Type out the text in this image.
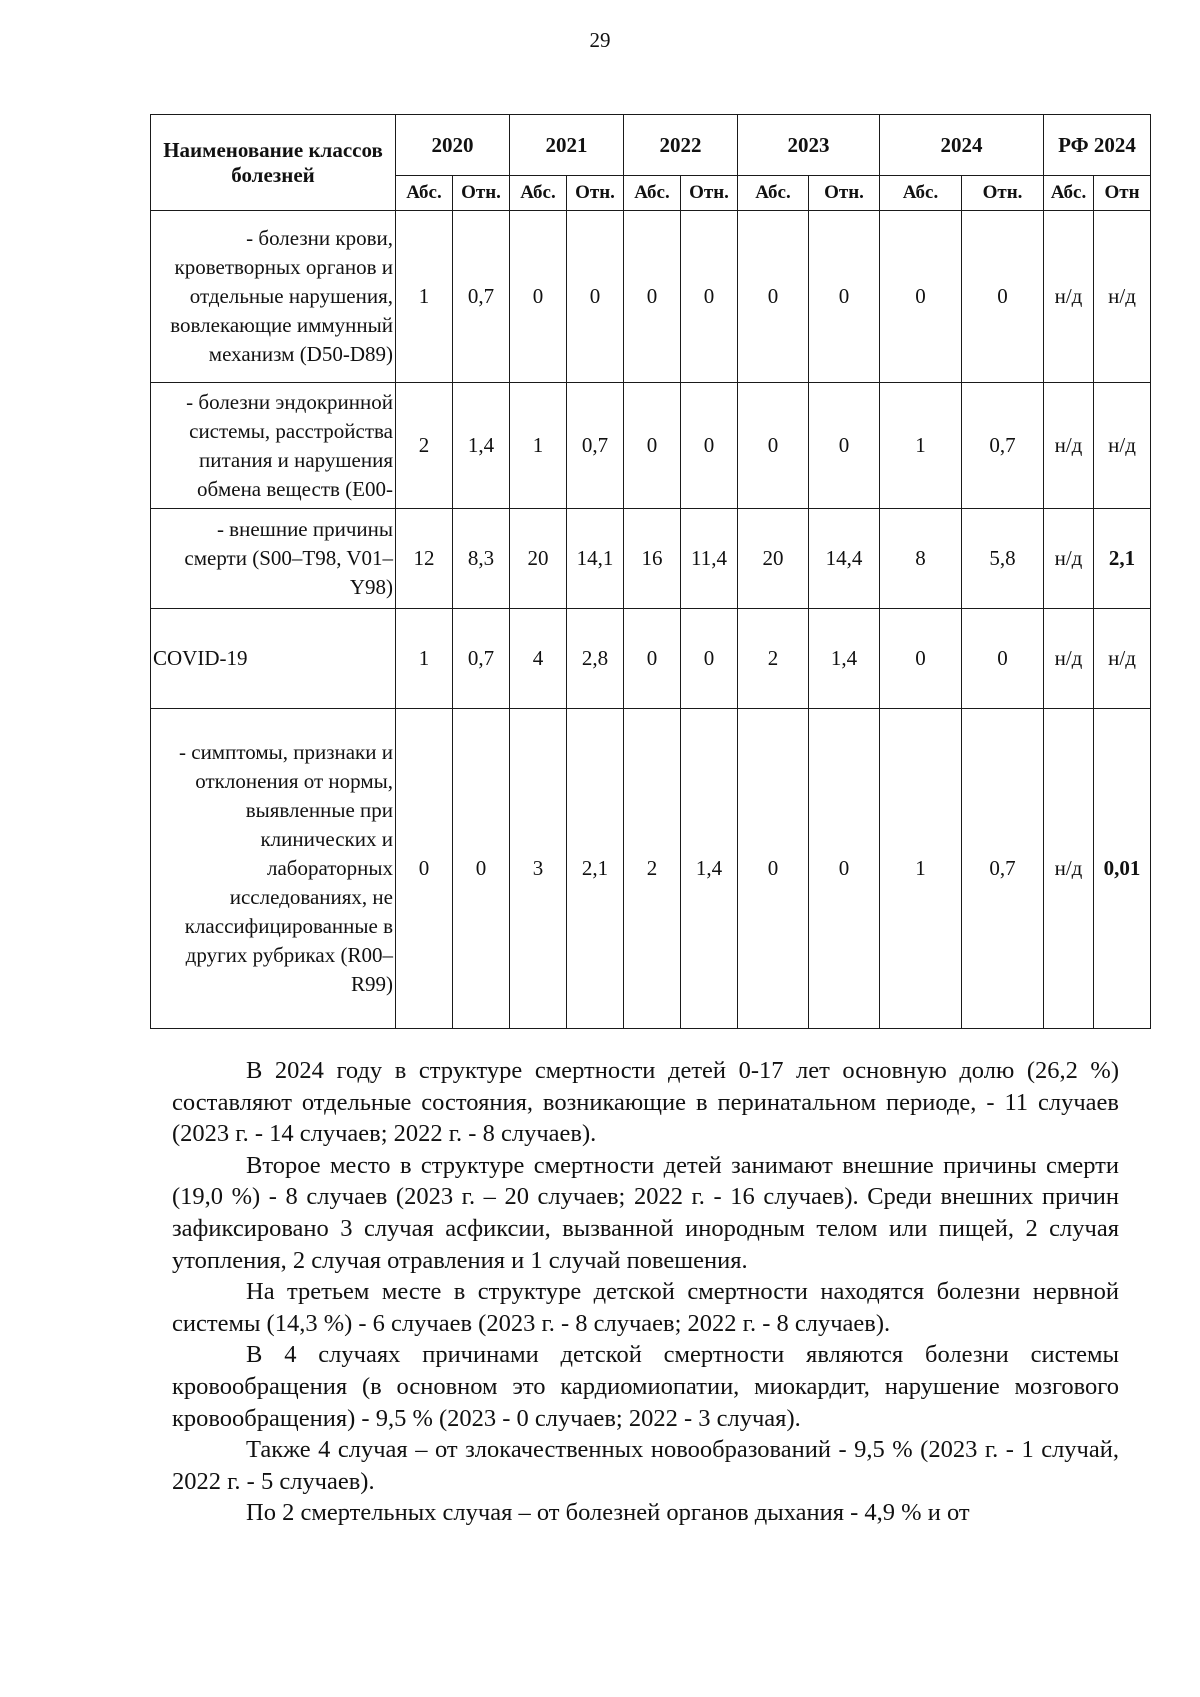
29
Наименование классов болезней	2020		2021		2022		2023		2024		РФ 2024	
	Абс.	Отн.	Абс.	Отн.	Абс.	Отн.	Абс.	Отн.	Абс.	Отн.	Абс.	Отн
- болезни крови, кроветворных органов и отдельные нарушения, вовлекающие иммунный механизм (D50-D89)	1	0,7	0	0	0	0	0	0	0	0	н/д	н/д
- болезни эндокринной системы, расстройства питания и нарушения обмена веществ (E00-	2	1,4	1	0,7	0	0	0	0	1	0,7	н/д	н/д
- внешние причины смерти (S00–T98, V01–Y98)	12	8,3	20	14,1	16	11,4	20	14,4	8	5,8	н/д	2,1
COVID-19	1	0,7	4	2,8	0	0	2	1,4	0	0	н/д	н/д
- симптомы, признаки и отклонения от нормы, выявленные при клинических и лабораторных исследованиях, не классифицированные в других рубриках (R00–R99)	0	0	3	2,1	2	1,4	0	0	1	0,7	н/д	0,01

В 2024 году в структуре смертности детей 0-17 лет основную долю (26,2 %) составляют отдельные состояния, возникающие в перинатальном периоде, - 11 случаев (2023 г. - 14 случаев; 2022 г. - 8 случаев).

Второе место в структуре смертности детей занимают внешние причины смерти (19,0 %) - 8 случаев (2023 г. – 20 случаев; 2022 г. - 16 случаев). Среди внешних причин зафиксировано 3 случая асфиксии, вызванной инородным телом или пищей, 2 случая утопления, 2 случая отравления и 1 случай повешения.

На третьем месте в структуре детской смертности находятся болезни нервной системы (14,3 %) - 6 случаев (2023 г. - 8 случаев; 2022 г. - 8 случаев).

В 4 случаях причинами детской смертности являются болезни системы кровообращения (в основном это кардиомиопатии, миокардит, нарушение мозгового кровообращения) - 9,5 % (2023 - 0 случаев; 2022 - 3 случая).

Также 4 случая – от злокачественных новообразований - 9,5 % (2023 г. - 1 случай, 2022 г. - 5 случаев).

По 2 смертельных случая – от болезней органов дыхания - 4,9 % и от
